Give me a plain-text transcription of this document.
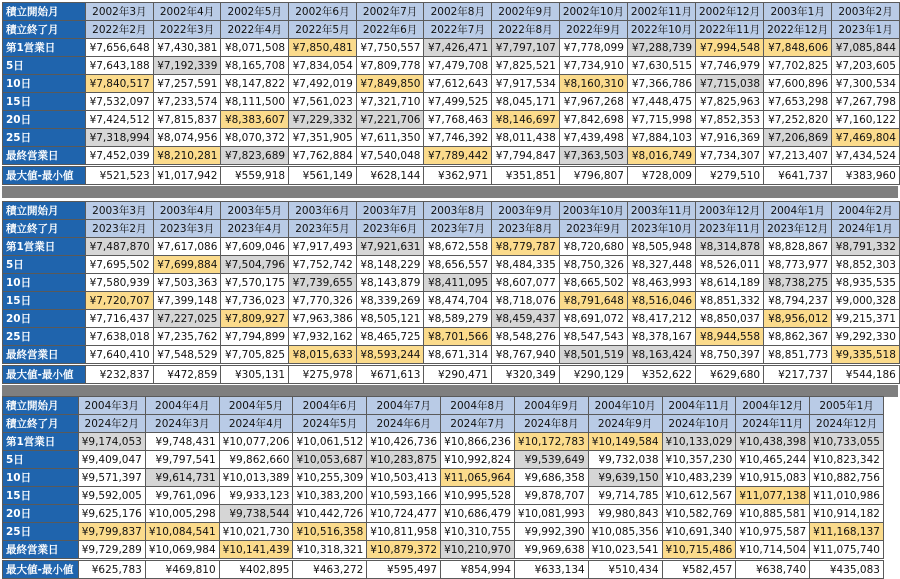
積立開始月	2002年3月	2002年4月	2002年5月	2002年6月	2002年7月	2002年8月	2002年9月	2002年10月	2002年11月	2002年12月	2003年1月	2003年2月
積立終了月	2022年2月	2022年3月	2022年4月	2022年5月	2022年6月	2022年7月	2022年8月	2022年9月	2022年10月	2022年11月	2022年12月	2023年1月
第1営業日	¥7,656,648	¥7,430,381	¥8,071,508	¥7,850,481	¥7,750,557	¥7,426,471	¥7,797,107	¥7,778,099	¥7,288,739	¥7,994,548	¥7,848,606	¥7,085,844
5日	¥7,643,188	¥7,192,339	¥8,165,708	¥7,834,054	¥7,809,778	¥7,479,708	¥7,825,521	¥7,734,910	¥7,630,515	¥7,746,979	¥7,702,825	¥7,203,605
10日	¥7,840,517	¥7,257,591	¥8,147,822	¥7,492,019	¥7,849,850	¥7,612,643	¥7,917,534	¥8,160,310	¥7,366,786	¥7,715,038	¥7,600,896	¥7,300,534
15日	¥7,532,097	¥7,233,574	¥8,111,500	¥7,561,023	¥7,321,710	¥7,499,525	¥8,045,171	¥7,967,268	¥7,448,475	¥7,825,963	¥7,653,298	¥7,267,798
20日	¥7,424,512	¥7,815,837	¥8,383,607	¥7,229,332	¥7,221,706	¥7,768,463	¥8,146,697	¥7,842,698	¥7,715,998	¥7,852,353	¥7,252,820	¥7,160,122
25日	¥7,318,994	¥8,074,956	¥8,070,372	¥7,351,905	¥7,611,350	¥7,746,392	¥8,011,438	¥7,439,498	¥7,884,103	¥7,916,369	¥7,206,869	¥7,469,804
最終営業日	¥7,452,039	¥8,210,281	¥7,823,689	¥7,762,884	¥7,540,048	¥7,789,442	¥7,794,847	¥7,363,503	¥8,016,749	¥7,734,307	¥7,213,407	¥7,434,524

最大値-最小値	¥521,523	¥1,017,942	¥559,918	¥561,149	¥628,144	¥362,971	¥351,851	¥796,807	¥728,009	¥279,510	¥641,737	¥383,960
積立開始月	2003年3月	2003年4月	2003年5月	2003年6月	2003年7月	2003年8月	2003年9月	2003年10月	2003年11月	2003年12月	2004年1月	2004年2月
積立終了月	2023年2月	2023年3月	2023年4月	2023年5月	2023年6月	2023年7月	2023年8月	2023年9月	2023年10月	2023年11月	2023年12月	2024年1月
第1営業日	¥7,487,870	¥7,617,086	¥7,609,046	¥7,917,493	¥7,921,631	¥8,672,558	¥8,779,787	¥8,720,680	¥8,505,948	¥8,314,878	¥8,828,867	¥8,791,332
5日	¥7,695,502	¥7,699,884	¥7,504,796	¥7,752,742	¥8,148,229	¥8,656,557	¥8,484,335	¥8,750,326	¥8,327,448	¥8,526,011	¥8,773,977	¥8,852,303
10日	¥7,580,939	¥7,503,363	¥7,570,175	¥7,739,655	¥8,143,879	¥8,411,095	¥8,607,077	¥8,665,502	¥8,463,993	¥8,614,189	¥8,738,275	¥8,935,535
15日	¥7,720,707	¥7,399,148	¥7,736,023	¥7,770,326	¥8,339,269	¥8,474,704	¥8,718,076	¥8,791,648	¥8,516,046	¥8,851,332	¥8,794,237	¥9,000,328
20日	¥7,716,437	¥7,227,025	¥7,809,927	¥7,963,386	¥8,505,121	¥8,589,279	¥8,459,437	¥8,691,072	¥8,417,212	¥8,850,037	¥8,956,012	¥9,215,371
25日	¥7,638,018	¥7,235,762	¥7,794,899	¥7,932,162	¥8,465,725	¥8,701,566	¥8,548,276	¥8,547,543	¥8,378,167	¥8,944,558	¥8,862,367	¥9,292,330
最終営業日	¥7,640,410	¥7,548,529	¥7,705,825	¥8,015,633	¥8,593,244	¥8,671,314	¥8,767,940	¥8,501,519	¥8,163,424	¥8,750,397	¥8,851,773	¥9,335,518

最大値-最小値	¥232,837	¥472,859	¥305,131	¥275,978	¥671,613	¥290,471	¥320,349	¥290,129	¥352,622	¥629,680	¥217,737	¥544,186
積立開始月	2004年3月	2004年4月	2004年5月	2004年6月	2004年7月	2004年8月	2004年9月	2004年10月	2004年11月	2004年12月	2005年1月	
積立終了月	2024年2月	2024年3月	2024年4月	2024年5月	2024年6月	2024年7月	2024年8月	2024年9月	2024年10月	2024年11月	2024年12月	
第1営業日	¥9,174,053	¥9,748,431	¥10,077,206	¥10,061,512	¥10,426,736	¥10,866,236	¥10,172,783	¥10,149,584	¥10,133,029	¥10,438,398	¥10,733,055	
5日	¥9,409,047	¥9,797,541	¥9,862,660	¥10,053,687	¥10,283,875	¥10,992,824	¥9,539,649	¥9,732,038	¥10,357,230	¥10,465,244	¥10,823,342	
10日	¥9,571,397	¥9,614,731	¥10,013,389	¥10,255,309	¥10,503,413	¥11,065,964	¥9,686,358	¥9,639,150	¥10,483,239	¥10,915,083	¥10,882,756	
15日	¥9,592,005	¥9,761,096	¥9,933,123	¥10,383,200	¥10,593,166	¥10,995,528	¥9,878,707	¥9,714,785	¥10,612,567	¥11,077,138	¥11,010,986	
20日	¥9,625,176	¥10,005,298	¥9,738,544	¥10,442,726	¥10,724,477	¥10,686,479	¥10,081,993	¥9,980,843	¥10,582,769	¥10,885,581	¥10,914,182	
25日	¥9,799,837	¥10,084,541	¥10,021,730	¥10,516,358	¥10,811,958	¥10,310,755	¥9,992,390	¥10,085,356	¥10,691,340	¥10,975,587	¥11,168,137	
最終営業日	¥9,729,289	¥10,069,984	¥10,141,439	¥10,318,321	¥10,879,372	¥10,210,970	¥9,969,638	¥10,023,541	¥10,715,486	¥10,714,504	¥11,075,740	

最大値-最小値	¥625,783	¥469,810	¥402,895	¥463,272	¥595,497	¥854,994	¥633,134	¥510,434	¥582,457	¥638,740	¥435,083	
